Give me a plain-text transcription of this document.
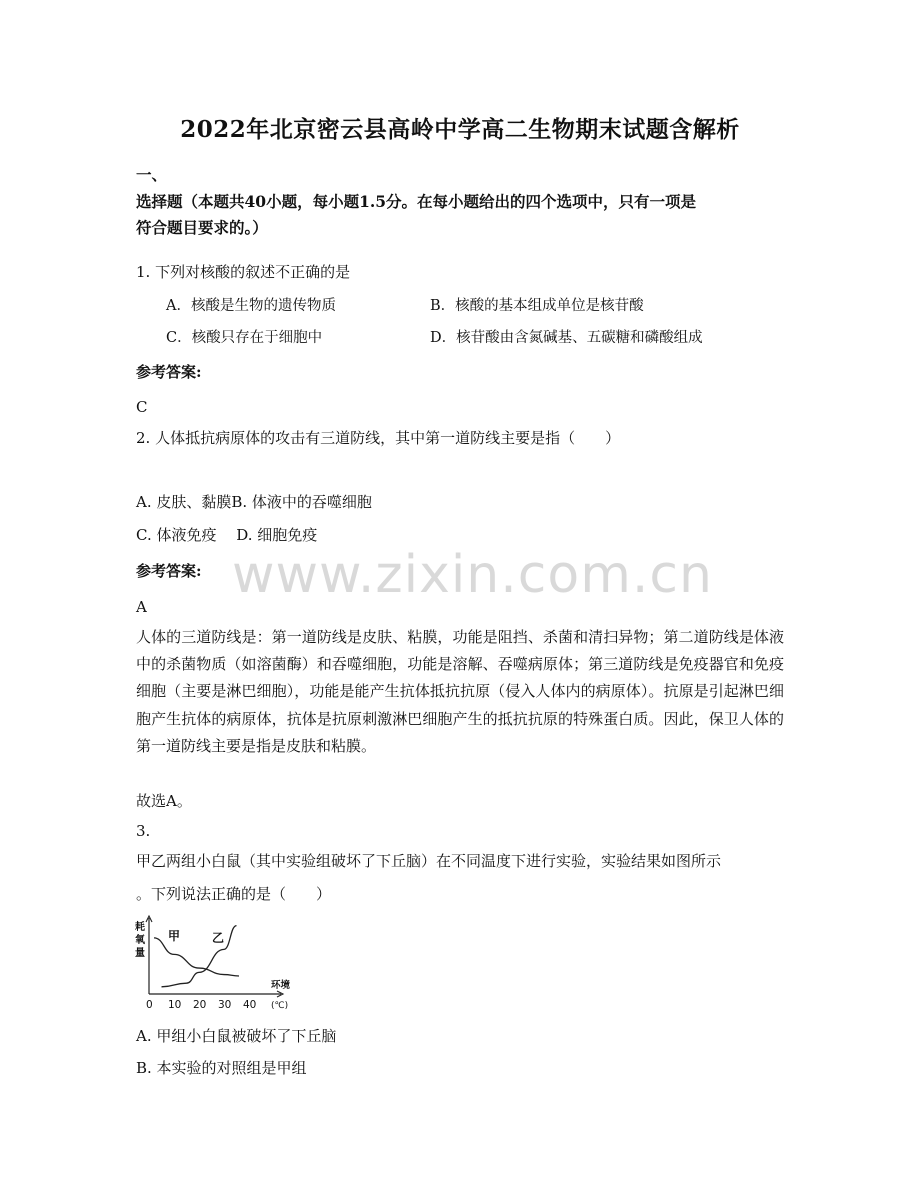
2022年北京密云县高岭中学高二生物期末试题含解析
一、
选择题（本题共40小题，每小题1.5分。在每小题给出的四个选项中，只有一项是
符合题目要求的。）
1. 下列对核酸的叙述不正确的是
A．核酸是生物的遗传物质	B．核酸的基本组成单位是核苷酸
C．核酸只存在于细胞中	D．核苷酸由含氮碱基、五碳糖和磷酸组成
参考答案:
C
2. 人体抵抗病原体的攻击有三道防线，其中第一道防线主要是指（　　）
A. 皮肤、黏膜B. 体液中的吞噬细胞
C. 体液免疫　 D. 细胞免疫
参考答案:
A
人体的三道防线是：第一道防线是皮肤、粘膜，功能是阻挡、杀菌和清扫异物；第二道防线是体液中的杀菌物质（如溶菌酶）和吞噬细胞，功能是溶解、吞噬病原体；第三道防线是免疫器官和免疫细胞（主要是淋巴细胞），功能是能产生抗体抵抗抗原（侵入人体内的病原体）。抗原是引起淋巴细胞产生抗体的病原体，抗体是抗原刺激淋巴细胞产生的抵抗抗原的特殊蛋白质。因此，保卫人体的第一道防线主要是指是皮肤和粘膜。
故选A。
3.
甲乙两组小白鼠（其中实验组破坏了下丘脑）在不同温度下进行实验，实验结果如图所示
。下列说法正确的是（　　）
耗
氧
量
0 10 20 30 40
环境
(℃)
甲	乙
A. 甲组小白鼠被破坏了下丘脑
B. 本实验的对照组是甲组
www.zixin.com.cn
